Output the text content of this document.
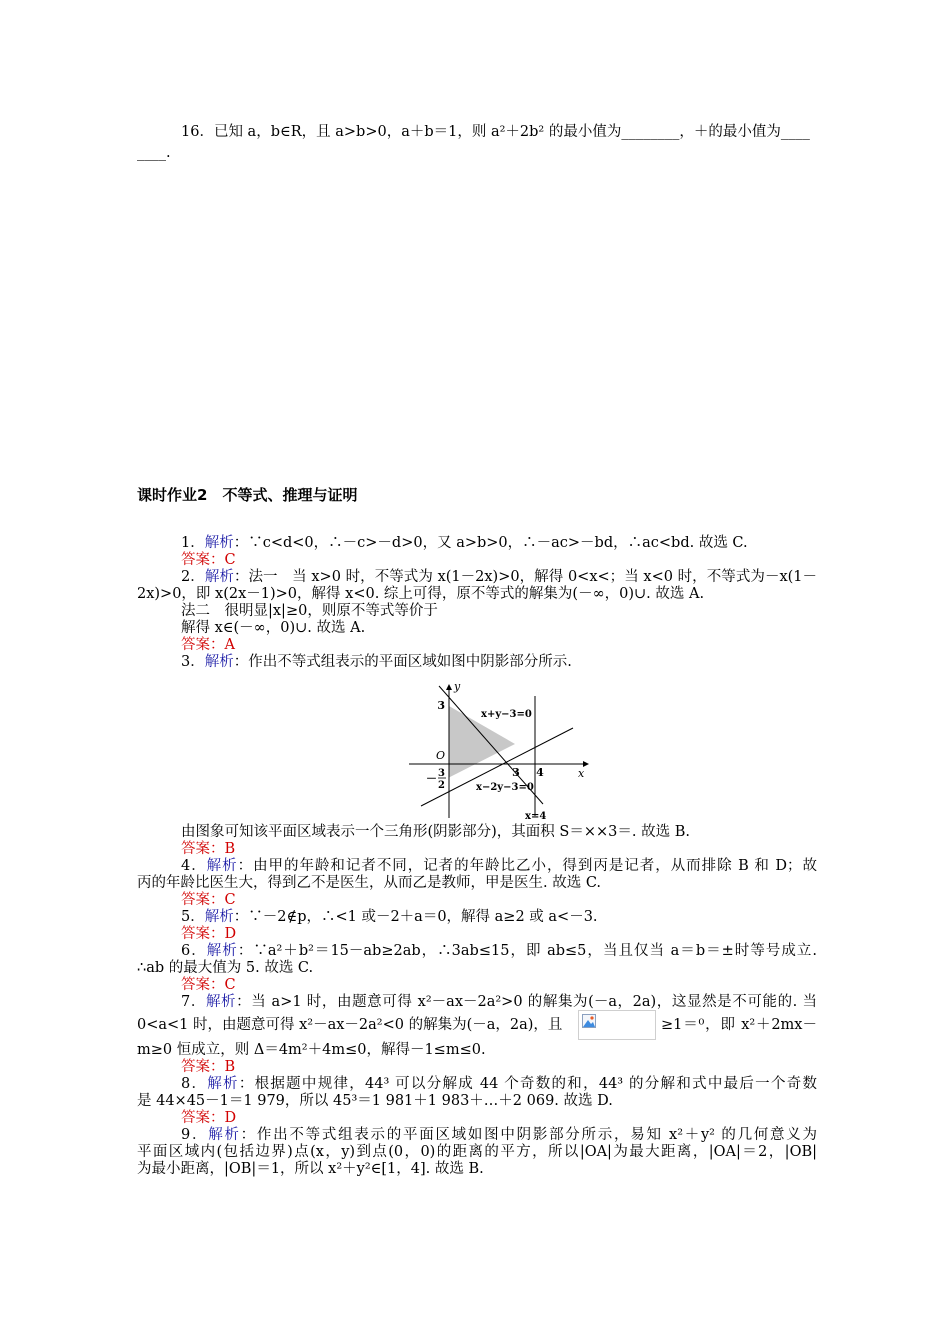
16．已知 a，b∈R，且 a>b>0，a＋b＝1，则 a²＋2b² 的最小值为________，＋的最小值为____
____.
课时作业2　不等式、推理与证明
1．解析：∵c<d<0，∴－c>－d>0，又 a>b>0，∴－ac>－bd，∴ac<bd. 故选 C.
答案：C
2．解析：法一　当 x>0 时，不等式为 x(1－2x)>0，解得 0<x<；当 x<0 时，不等式为－x(1－
2x)>0，即 x(2x－1)>0，解得 x<0. 综上可得，原不等式的解集为(－∞，0)∪. 故选 A.
法二　很明显|x|≥0，则原不等式等价于
解得 x∈(－∞，0)∪. 故选 A.
答案：A
3．解析：作出不等式组表示的平面区域如图中阴影部分所示.
y
x
O
3
3 4
－ 3
2
x+y−3=0
x−2y−3=0
x=4
由图象可知该平面区域表示一个三角形(阴影部分)，其面积 S＝××3＝. 故选 B.
答案：B
4．解析：由甲的年龄和记者不同，记者的年龄比乙小，得到丙是记者，从而排除 B 和 D；故
丙的年龄比医生大，得到乙不是医生，从而乙是教师，甲是医生. 故选 C.
答案：C
5．解析：∵－2∉p，∴<1 或－2＋a＝0，解得 a≥2 或 a<－3.
答案：D
6．解析：∵a²＋b²＝15－ab≥2ab，∴3ab≤15，即 ab≤5，当且仅当 a＝b＝±时等号成立.
∴ab 的最大值为 5. 故选 C.
答案：C
7．解析：当 a>1 时，由题意可得 x²－ax－2a²>0 的解集为(－a，2a)，这显然是不可能的. 当
0<a<1 时，由题意可得 x²－ax－2a²<0 的解集为(－a，2a)，且	≥1＝⁰，即 x²＋2mx－
m≥0 恒成立，则 Δ＝4m²＋4m≤0，解得－1≤m≤0.
答案：B
8．解析：根据题中规律，44³ 可以分解成 44 个奇数的和，44³ 的分解和式中最后一个奇数
是 44×45－1＝1 979，所以 45³＝1 981＋1 983＋…＋2 069. 故选 D.
答案：D
9．解析：作出不等式组表示的平面区域如图中阴影部分所示，易知 x²＋y² 的几何意义为
平面区域内(包括边界)点(x，y)到点(0，0)的距离的平方，所以|OA|为最大距离，|OA|＝2，|OB|
为最小距离，|OB|＝1，所以 x²＋y²∈[1，4]. 故选 B.
